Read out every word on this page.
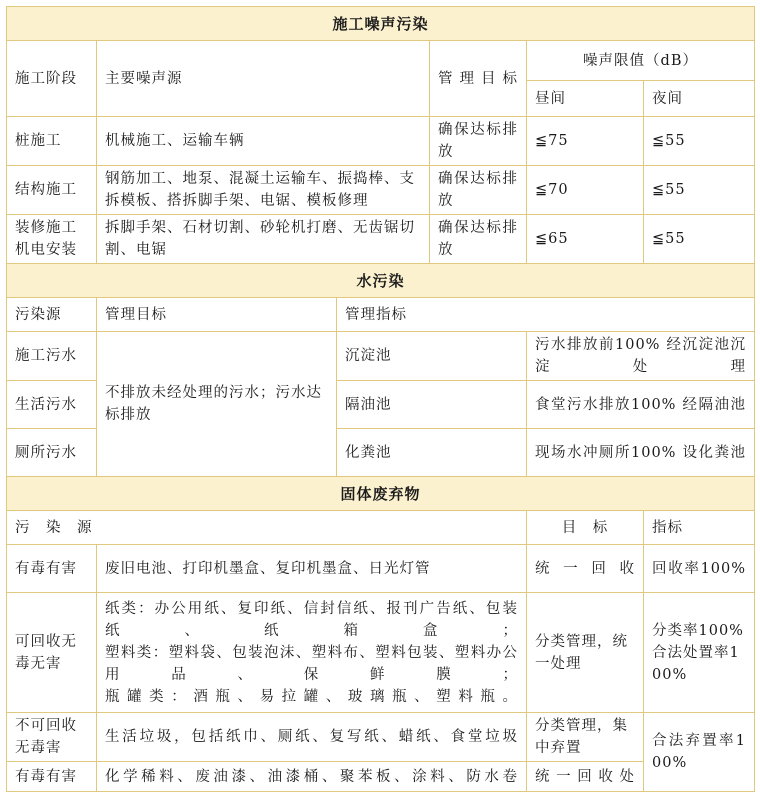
施工噪声污染					
施工阶段	主要噪声源		管理目标	噪声限值（dB）	
				昼间	夜间
桩施工	机械施工、运输车辆		确保达标排放	≦75	≦55
结构施工	钢筋加工、地泵、混凝土运输车、振捣棒、支拆模板、搭拆脚手架、电锯、模板修理		确保达标排放	≦70	≦55
装修施工机电安装	拆脚手架、石材切割、砂轮机打磨、无齿锯切割、电锯		确保达标排放	≦65	≦55
水污染					
污染源	管理目标	管理指标			
施工污水	不排放未经处理的污水；污水达标排放	沉淀池		污水排放前100% 经沉淀池沉淀处理	
生活污水		隔油池		食堂污水排放100% 经隔油池	
厕所污水		化粪池		现场水冲厕所100% 设化粪池	
固体废弃物					
污　染　源				目　标	指标
有毒有害	废旧电池、打印机墨盒、复印机墨盒、日光灯管			统一回收	回收率100%
可回收无毒无害	纸类：办公用纸、复印纸、信封信纸、报刊广告纸、包装纸、纸箱盒；
塑料类：塑料袋、包装泡沫、塑料布、塑料包装、塑料办公用品、保鲜膜；
瓶罐类：酒瓶、易拉罐、玻璃瓶、塑料瓶。			分类管理，统一处理	分类率100%合法处置率100%
不可回收无毒害	生活垃圾，包括纸巾、厕纸、复写纸、蜡纸、食堂垃圾			分类管理，集中弃置	合法弃置率100%
有毒有害	化学稀料、废油漆、油漆桶、聚苯板、涂料、防水卷			统一回收处	
